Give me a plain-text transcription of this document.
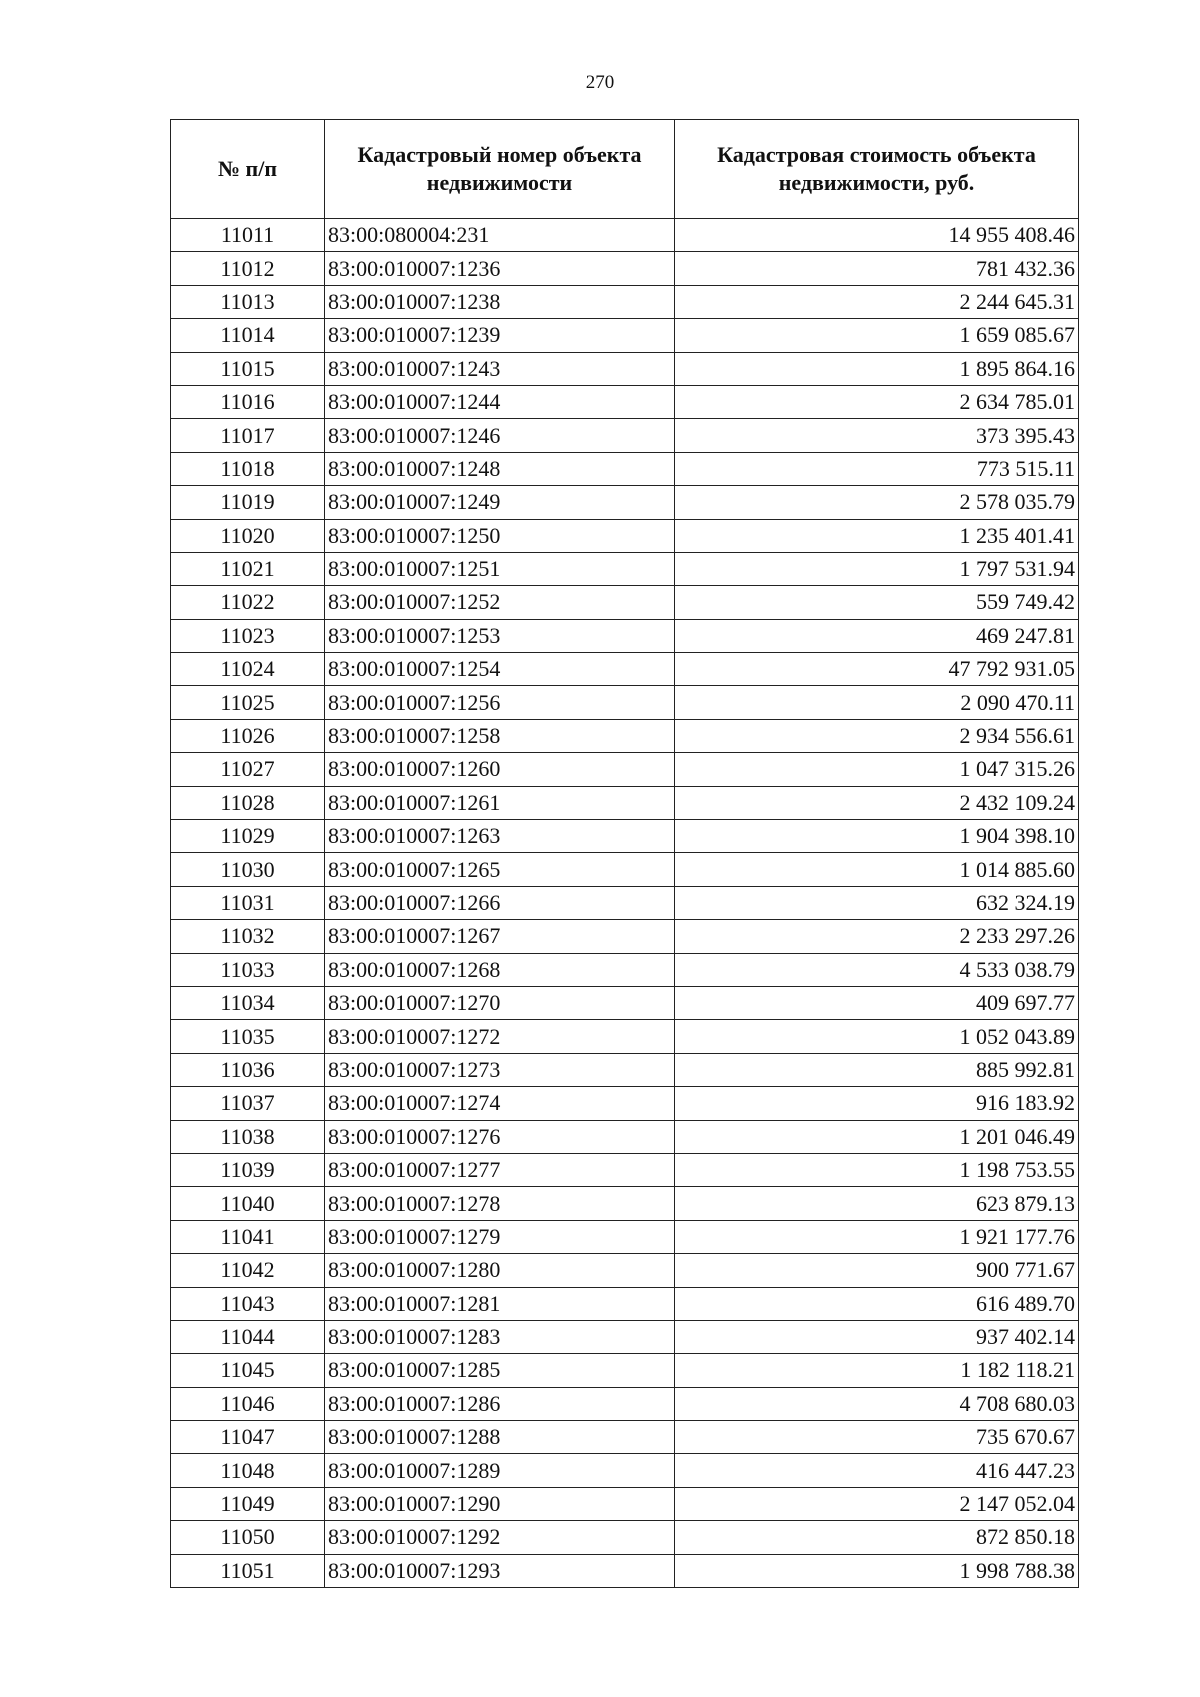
270
№ п/п	Кадастровый номер объекта недвижимости	Кадастровая стоимость объекта недвижимости, руб.
11011	83:00:080004:231	14 955 408.46
11012	83:00:010007:1236	781 432.36
11013	83:00:010007:1238	2 244 645.31
11014	83:00:010007:1239	1 659 085.67
11015	83:00:010007:1243	1 895 864.16
11016	83:00:010007:1244	2 634 785.01
11017	83:00:010007:1246	373 395.43
11018	83:00:010007:1248	773 515.11
11019	83:00:010007:1249	2 578 035.79
11020	83:00:010007:1250	1 235 401.41
11021	83:00:010007:1251	1 797 531.94
11022	83:00:010007:1252	559 749.42
11023	83:00:010007:1253	469 247.81
11024	83:00:010007:1254	47 792 931.05
11025	83:00:010007:1256	2 090 470.11
11026	83:00:010007:1258	2 934 556.61
11027	83:00:010007:1260	1 047 315.26
11028	83:00:010007:1261	2 432 109.24
11029	83:00:010007:1263	1 904 398.10
11030	83:00:010007:1265	1 014 885.60
11031	83:00:010007:1266	632 324.19
11032	83:00:010007:1267	2 233 297.26
11033	83:00:010007:1268	4 533 038.79
11034	83:00:010007:1270	409 697.77
11035	83:00:010007:1272	1 052 043.89
11036	83:00:010007:1273	885 992.81
11037	83:00:010007:1274	916 183.92
11038	83:00:010007:1276	1 201 046.49
11039	83:00:010007:1277	1 198 753.55
11040	83:00:010007:1278	623 879.13
11041	83:00:010007:1279	1 921 177.76
11042	83:00:010007:1280	900 771.67
11043	83:00:010007:1281	616 489.70
11044	83:00:010007:1283	937 402.14
11045	83:00:010007:1285	1 182 118.21
11046	83:00:010007:1286	4 708 680.03
11047	83:00:010007:1288	735 670.67
11048	83:00:010007:1289	416 447.23
11049	83:00:010007:1290	2 147 052.04
11050	83:00:010007:1292	872 850.18
11051	83:00:010007:1293	1 998 788.38
